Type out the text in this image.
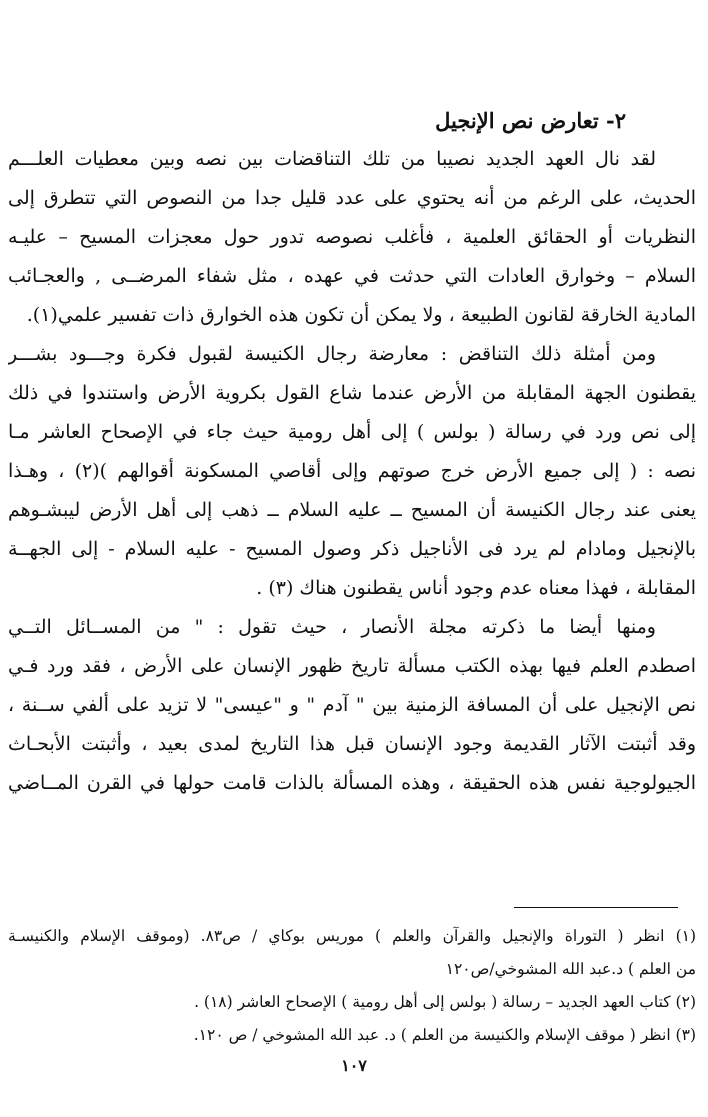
٢- تعارض نص الإنجيل
لقد نال العهد الجديد نصيبا من تلك التناقضات بين نصه وبين معطيات العلـــم
الحديث، على الرغم من أنه يحتوي على عدد قليل جدا من النصوص التي تتطرق إلى
النظريات أو الحقائق العلمية ، فأغلب نصوصه تدور حول معجزات المسيح – عليـه
السلام – وخوارق العادات التي حدثت في عهده ، مثل شفاء المرضــى , والعجـائب
المادية الخارقة لقانون الطبيعة ، ولا يمكن أن تكون هذه الخوارق ذات تفسير علمي(١).
ومن أمثلة ذلك التناقض : معارضة رجال الكنيسة لقبول فكرة وجـــود بشـــر
يقطنون الجهة المقابلة من الأرض عندما شاع القول بكروية الأرض واستندوا في ذلك
إلى نص ورد في رسالة ( بولس ) إلى أهل رومية حيث جاء في الإصحاح العاشر مـا
نصه : ( إلى جميع الأرض خرج صوتهم وإلى أقاصي المسكونة أقوالهم )(٢) ، وهـذا
يعنى عند رجال الكنيسة أن المسيح ــ عليه السلام ــ ذهب إلى أهل الأرض ليبشـوهم
بالإنجيل ومادام لم يرد فى الأناجيل ذكر وصول المسيح - عليه السلام - إلى الجهــة
المقابلة ، فهذا معناه عدم وجود أناس يقطنون هناك (٣) .
ومنها أيضا ما ذكرته مجلة الأنصار ، حيث تقول : " من المســائل التــي
اصطدم العلم فيها بهذه الكتب مسألة تاريخ ظهور الإنسان على الأرض ، فقد ورد فـي
نص الإنجيل على أن المسافة الزمنية بين " آدم " و "عيسى" لا تزيد على ألفي ســنة ،
وقد أثبتت الآثار القديمة وجود الإنسان قبل هذا التاريخ لمدى بعيد ، وأثبتت الأبحـاث
الجيولوجية نفس هذه الحقيقة ، وهذه المسألة بالذات قامت حولها في القرن المــاضي
(١) انظر ( التوراة والإنجيل والقرآن والعلم ) موريس بوكاي / ص٨٣. (وموقف الإسلام والكنيسـة
من العلم ) د.عبد الله المشوخي/ص١٢٠
(٢) كتاب العهد الجديد – رسالة ( بولس إلى أهل رومية ) الإصحاح العاشر (١٨) .
(٣) انظر ( موقف الإسلام والكنيسة من العلم ) د. عبد الله المشوخي / ص ١٢٠.
١٠٧
